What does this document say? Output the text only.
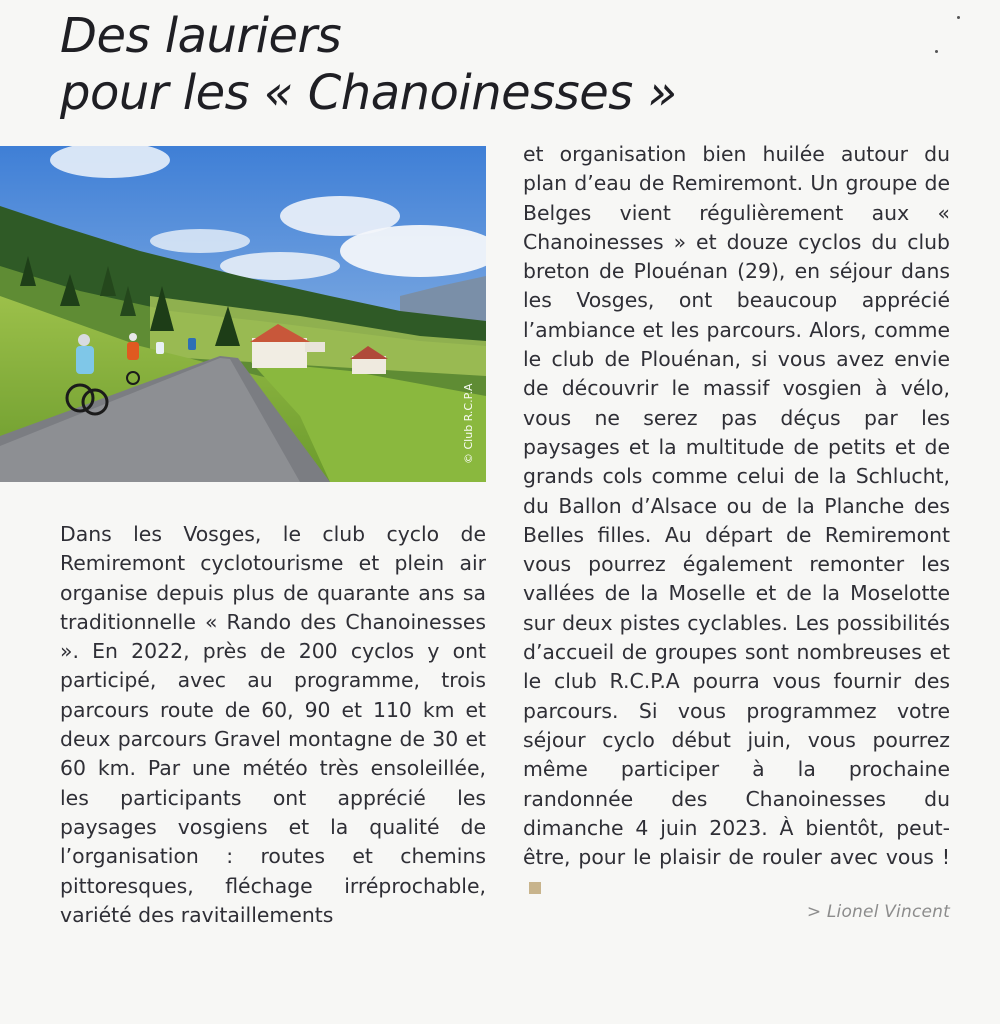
Des lauriers
pour les « Chanoinesses »
© Club R.C.P.A

Dans les Vosges, le club cyclo de Remiremont cyclotourisme et plein air organise depuis plus de quarante ans sa traditionnelle « Rando des Chanoinesses ». En 2022, près de 200 cyclos y ont participé, avec au programme, trois parcours route de 60, 90 et 110 km et deux parcours Gravel montagne de 30 et 60 km. Par une météo très ensoleillée, les participants ont apprécié les paysages vosgiens et la qualité de l’organisation : routes et chemins pittoresques, fléchage irréprochable, variété des ravitaillements

et organisation bien huilée autour du plan d’eau de Remiremont. Un groupe de Belges vient régulièrement aux « Chanoinesses » et douze cyclos du club breton de Plouénan (29), en séjour dans les Vosges, ont beaucoup apprécié l’ambiance et les parcours. Alors, comme le club de Plouénan, si vous avez envie de découvrir le massif vosgien à vélo, vous ne serez pas déçus par les paysages et la multitude de petits et de grands cols comme celui de la Schlucht, du Ballon d’Alsace ou de la Planche des Belles filles. Au départ de Remiremont vous pourrez également remonter les vallées de la Moselle et de la Moselotte sur deux pistes cyclables. Les possibilités d’accueil de groupes sont nombreuses et le club R.C.P.A pourra vous fournir des parcours. Si vous programmez votre séjour cyclo début juin, vous pourrez même participer à la prochaine randonnée des Chanoinesses du dimanche 4 juin 2023. À bientôt, peut-être, pour le plaisir de rouler avec vous !

> Lionel Vincent
